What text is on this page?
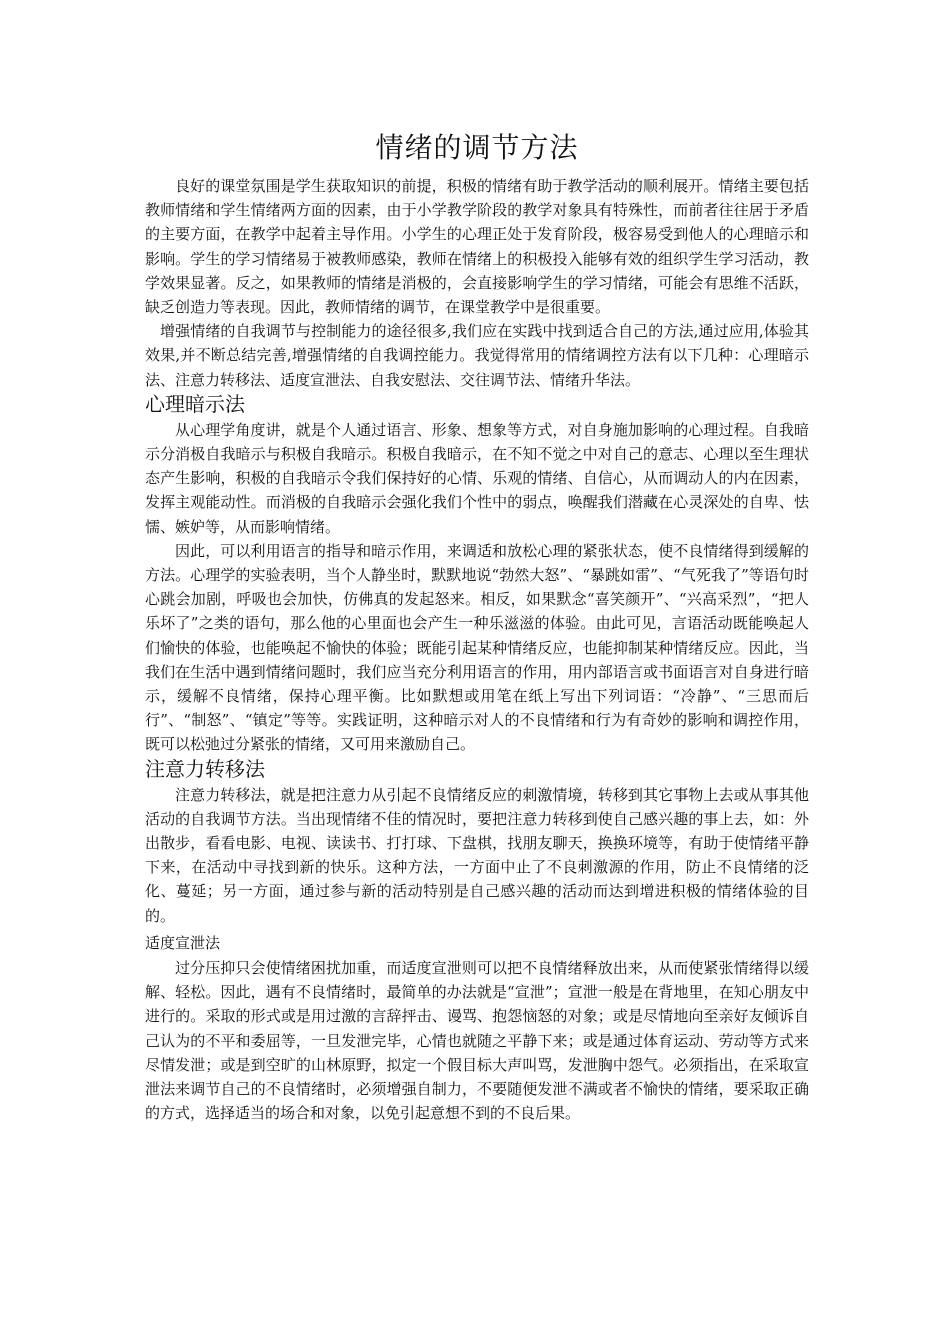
情绪的调节方法

良好的课堂氛围是学生获取知识的前提，积极的情绪有助于教学活动的顺利展开。情绪主要包括教师情绪和学生情绪两方面的因素，由于小学教学阶段的教学对象具有特殊性，而前者往往居于矛盾的主要方面，在教学中起着主导作用。小学生的心理正处于发育阶段，极容易受到他人的心理暗示和影响。学生的学习情绪易于被教师感染，教师在情绪上的积极投入能够有效的组织学生学习活动，教学效果显著。反之，如果教师的情绪是消极的，会直接影响学生的学习情绪，可能会有思维不活跃，缺乏创造力等表现。因此，教师情绪的调节，在课堂教学中是很重要。

增强情绪的自我调节与控制能力的途径很多,我们应在实践中找到适合自己的方法,通过应用,体验其效果,并不断总结完善,增强情绪的自我调控能力。我觉得常用的情绪调控方法有以下几种：心理暗示法、注意力转移法、适度宣泄法、自我安慰法、交往调节法、情绪升华法。

心理暗示法

从心理学角度讲，就是个人通过语言、形象、想象等方式，对自身施加影响的心理过程。自我暗示分消极自我暗示与积极自我暗示。积极自我暗示，在不知不觉之中对自己的意志、心理以至生理状态产生影响，积极的自我暗示令我们保持好的心情、乐观的情绪、自信心，从而调动人的内在因素，发挥主观能动性。而消极的自我暗示会强化我们个性中的弱点，唤醒我们潜藏在心灵深处的自卑、怯懦、嫉妒等，从而影响情绪。

因此，可以利用语言的指导和暗示作用，来调适和放松心理的紧张状态，使不良情绪得到缓解的方法。心理学的实验表明，当个人静坐时，默默地说“勃然大怒”、“暴跳如雷”、“气死我了”等语句时心跳会加剧，呼吸也会加快，仿佛真的发起怒来。相反，如果默念“喜笑颜开”、“兴高采烈”，“把人乐坏了”之类的语句，那么他的心里面也会产生一种乐滋滋的体验。由此可见，言语活动既能唤起人们愉快的体验，也能唤起不愉快的体验；既能引起某种情绪反应，也能抑制某种情绪反应。因此，当我们在生活中遇到情绪问题时，我们应当充分利用语言的作用，用内部语言或书面语言对自身进行暗示，缓解不良情绪，保持心理平衡。比如默想或用笔在纸上写出下列词语：“冷静”、“三思而后行”、“制怒”、“镇定”等等。实践证明，这种暗示对人的不良情绪和行为有奇妙的影响和调控作用，既可以松弛过分紧张的情绪，又可用来激励自己。

注意力转移法

注意力转移法，就是把注意力从引起不良情绪反应的刺激情境，转移到其它事物上去或从事其他活动的自我调节方法。当出现情绪不佳的情况时，要把注意力转移到使自己感兴趣的事上去，如：外出散步，看看电影、电视、读读书、打打球、下盘棋，找朋友聊天，换换环境等，有助于使情绪平静下来，在活动中寻找到新的快乐。这种方法，一方面中止了不良刺激源的作用，防止不良情绪的泛化、蔓延；另一方面，通过参与新的活动特别是自己感兴趣的活动而达到增进积极的情绪体验的目的。

适度宣泄法

过分压抑只会使情绪困扰加重，而适度宣泄则可以把不良情绪释放出来，从而使紧张情绪得以缓解、轻松。因此，遇有不良情绪时，最简单的办法就是“宣泄”；宣泄一般是在背地里，在知心朋友中进行的。采取的形式或是用过激的言辞抨击、谩骂、抱怨恼怒的对象；或是尽情地向至亲好友倾诉自己认为的不平和委屈等，一旦发泄完毕，心情也就随之平静下来；或是通过体育运动、劳动等方式来尽情发泄；或是到空旷的山林原野，拟定一个假目标大声叫骂，发泄胸中怨气。必须指出，在采取宣泄法来调节自己的不良情绪时，必须增强自制力，不要随便发泄不满或者不愉快的情绪，要采取正确的方式，选择适当的场合和对象，以免引起意想不到的不良后果。
